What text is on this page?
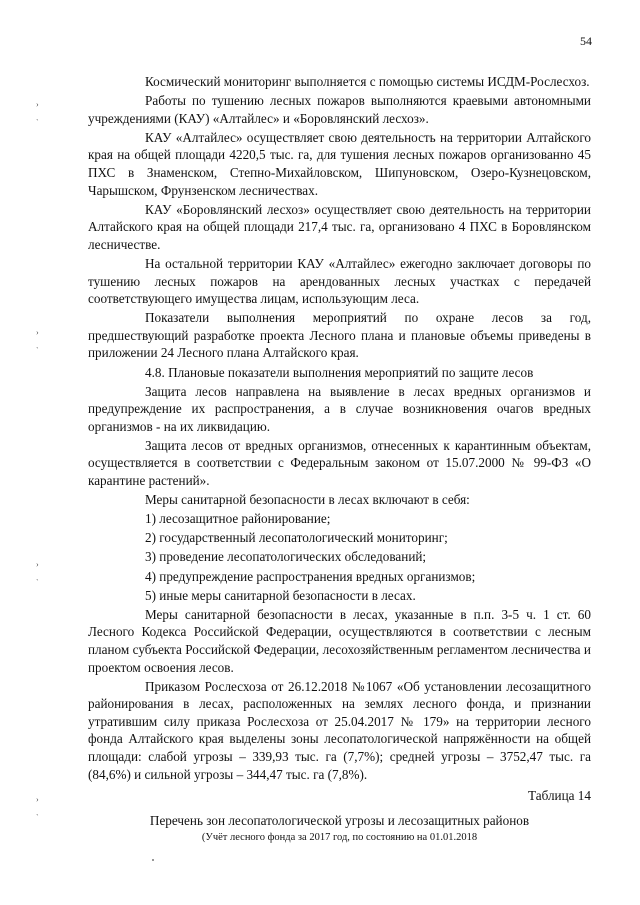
54
›
`
›
`
›
`
›
`

Космический мониторинг выполняется с помощью системы ИСДМ-Рослесхоз.

Работы по тушению лесных пожаров выполняются краевыми автономными учреждениями (КАУ) «Алтайлес» и «Боровлянский лесхоз».

КАУ «Алтайлес» осуществляет свою деятельность на территории Алтайского края на общей площади 4220,5 тыс. га, для тушения лесных пожаров организованно 45 ПХС в Знаменском, Степно-Михайловском, Шипуновском, Озеро-Кузнецовском, Чарышском, Фрунзенском лесничествах.

КАУ «Боровлянский лесхоз» осуществляет свою деятельность на территории Алтайского края на общей площади 217,4 тыс. га, организовано 4 ПХС в Боровлянском лесничестве.

На остальной территории КАУ «Алтайлес» ежегодно заключает договоры по тушению лесных пожаров на арендованных лесных участках с передачей соответствующего имущества лицам, использующим леса.

Показатели выполнения мероприятий по охране лесов за год, предшествующий разработке проекта Лесного плана и плановые объемы приведены в приложении 24 Лесного плана Алтайского края.

4.8. Плановые показатели выполнения мероприятий по защите лесов

Защита лесов направлена на выявление в лесах вредных организмов и предупреждение их распространения, а в случае возникновения очагов вредных организмов - на их ликвидацию.

Защита лесов от вредных организмов, отнесенных к карантинным объектам, осуществляется в соответствии с Федеральным законом от 15.07.2000 № 99-ФЗ «О карантине растений».

Меры санитарной безопасности в лесах включают в себя:

1) лесозащитное районирование;

2) государственный лесопатологический мониторинг;

3) проведение лесопатологических обследований;

4) предупреждение распространения вредных организмов;

5) иные меры санитарной безопасности в лесах.

Меры санитарной безопасности в лесах, указанные в п.п. 3-5 ч. 1 ст. 60 Лесного Кодекса Российской Федерации, осуществляются в соответствии с лесным планом субъекта Российской Федерации, лесохозяйственным регламентом лесничества и проектом освоения лесов.

Приказом Рослесхоза от 26.12.2018 №1067 «Об установлении лесозащитного районирования в лесах, расположенных на землях лесного фонда, и признании утратившим силу приказа Рослесхоза от 25.04.2017 № 179» на территории лесного фонда Алтайского края выделены зоны лесопатологической напряжённости на общей площади: слабой угрозы – 339,93 тыс. га (7,7%); средней угрозы – 3752,47 тыс. га (84,6%) и сильной угрозы – 344,47 тыс. га (7,8%).

Таблица 14

Перечень зон лесопатологической угрозы и лесозащитных районов

(Учёт лесного фонда за 2017 год, по состоянию на 01.01.2018
